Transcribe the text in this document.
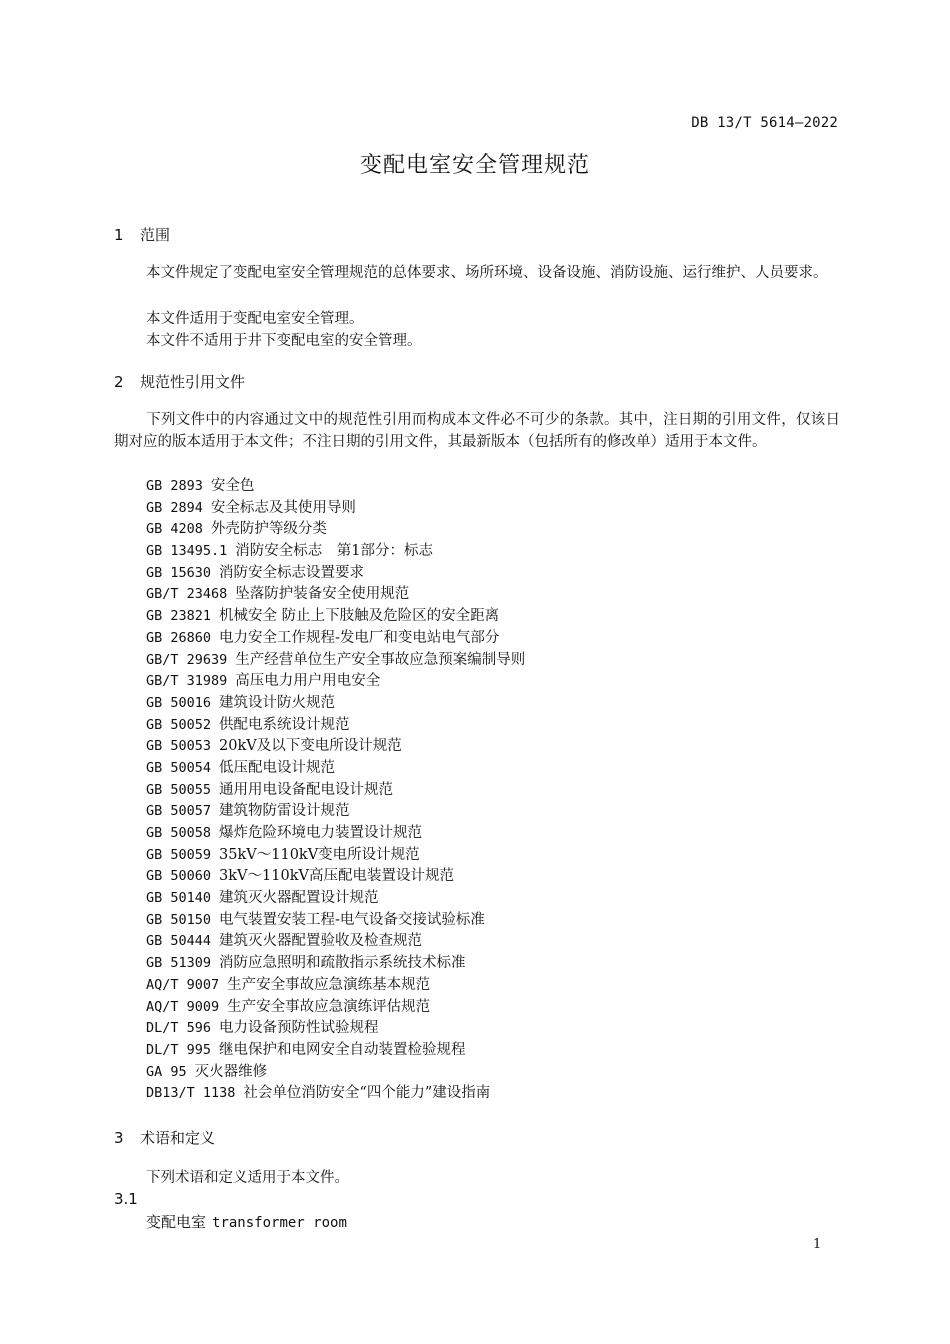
DB 13/T 5614—2022
变配电室安全管理规范
1 范围
本文件规定了变配电室安全管理规范的总体要求、场所环境、设备设施、消防设施、运行维护、人员要求。
本文件适用于变配电室安全管理。
本文件不适用于井下变配电室的安全管理。
2 规范性引用文件
下列文件中的内容通过文中的规范性引用而构成本文件必不可少的条款。其中，注日期的引用文件，仅该日期对应的版本适用于本文件；不注日期的引用文件，其最新版本（包括所有的修改单）适用于本文件。
GB 2893 安全色
GB 2894 安全标志及其使用导则
GB 4208 外壳防护等级分类
GB 13495.1 消防安全标志　第1部分：标志
GB 15630 消防安全标志设置要求
GB/T 23468 坠落防护装备安全使用规范
GB 23821 机械安全 防止上下肢触及危险区的安全距离
GB 26860 电力安全工作规程-发电厂和变电站电气部分
GB/T 29639 生产经营单位生产安全事故应急预案编制导则
GB/T 31989 高压电力用户用电安全
GB 50016 建筑设计防火规范
GB 50052 供配电系统设计规范
GB 50053 20kV及以下变电所设计规范
GB 50054 低压配电设计规范
GB 50055 通用用电设备配电设计规范
GB 50057 建筑物防雷设计规范
GB 50058 爆炸危险环境电力装置设计规范
GB 50059 35kV～110kV变电所设计规范
GB 50060 3kV～110kV高压配电装置设计规范
GB 50140 建筑灭火器配置设计规范
GB 50150 电气装置安装工程-电气设备交接试验标准
GB 50444 建筑灭火器配置验收及检查规范
GB 51309 消防应急照明和疏散指示系统技术标准
AQ/T 9007 生产安全事故应急演练基本规范
AQ/T 9009 生产安全事故应急演练评估规范
DL/T 596 电力设备预防性试验规程
DL/T 995 继电保护和电网安全自动装置检验规程
GA 95 灭火器维修
DB13/T 1138 社会单位消防安全“四个能力”建设指南
3 术语和定义
下列术语和定义适用于本文件。
3.1
变配电室 transformer room
1
